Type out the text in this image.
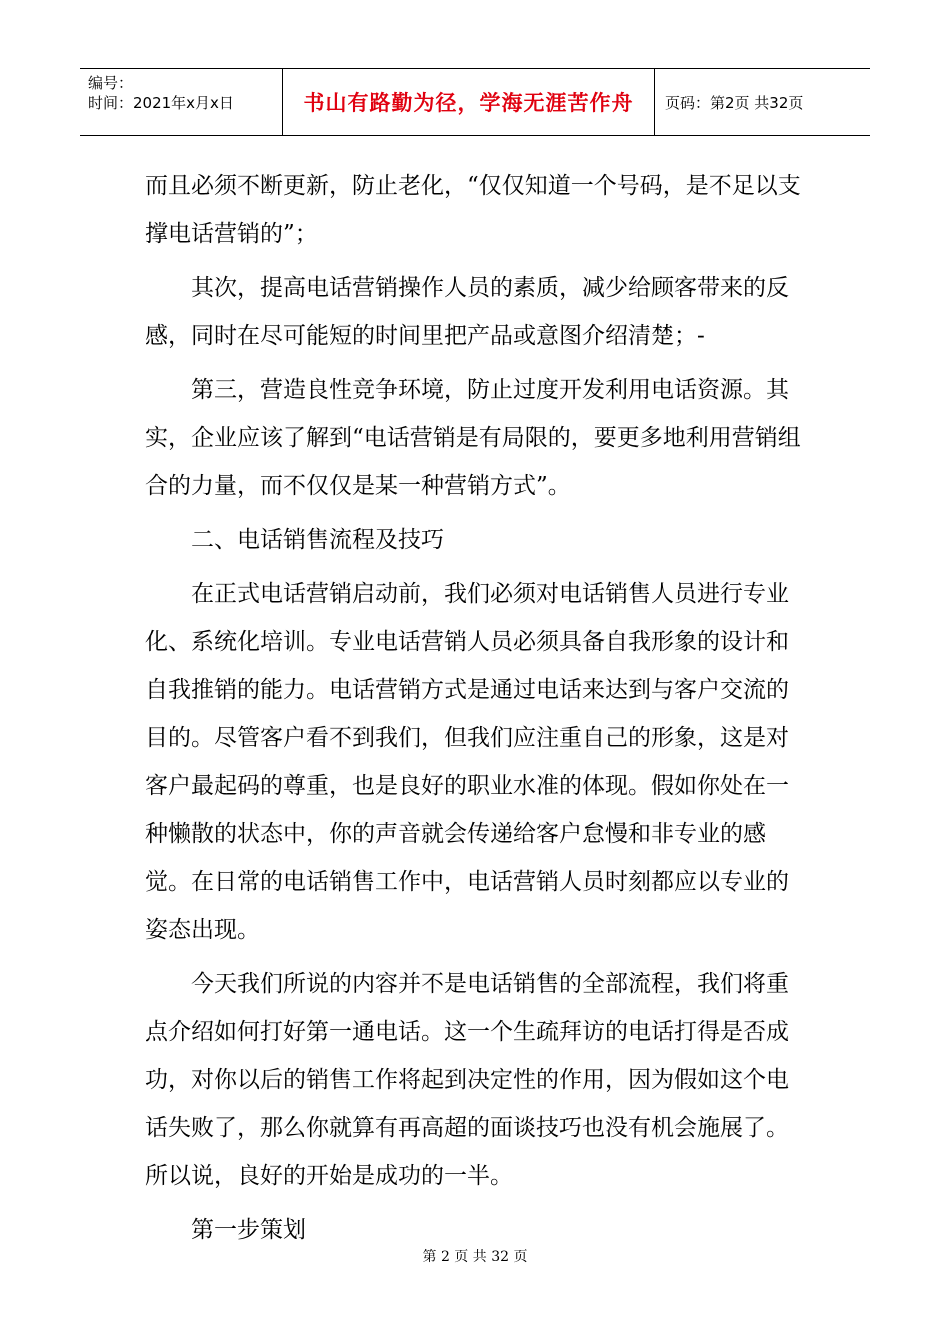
编号：
时间：2021年x月x日	书山有路勤为径，学海无涯苦作舟	页码：第2页 共32页

而且必须不断更新，防止老化，“仅仅知道一个号码，是不足以支撑电话营销的”；

其次，提高电话营销操作人员的素质，减少给顾客带来的反感，同时在尽可能短的时间里把产品或意图介绍清楚；-

第三，营造良性竞争环境，防止过度开发利用电话资源。其实，企业应该了解到“电话营销是有局限的，要更多地利用营销组合的力量，而不仅仅是某一种营销方式”。

二、电话销售流程及技巧

在正式电话营销启动前，我们必须对电话销售人员进行专业化、系统化培训。专业电话营销人员必须具备自我形象的设计和自我推销的能力。电话营销方式是通过电话来达到与客户交流的目的。尽管客户看不到我们，但我们应注重自己的形象，这是对客户最起码的尊重，也是良好的职业水准的体现。假如你处在一种懒散的状态中，你的声音就会传递给客户怠慢和非专业的感觉。在日常的电话销售工作中，电话营销人员时刻都应以专业的姿态出现。

今天我们所说的内容并不是电话销售的全部流程，我们将重点介绍如何打好第一通电话。这一个生疏拜访的电话打得是否成功，对你以后的销售工作将起到决定性的作用，因为假如这个电话失败了，那么你就算有再高超的面谈技巧也没有机会施展了。所以说，良好的开始是成功的一半。

第一步策划

第 2 页 共 32 页
